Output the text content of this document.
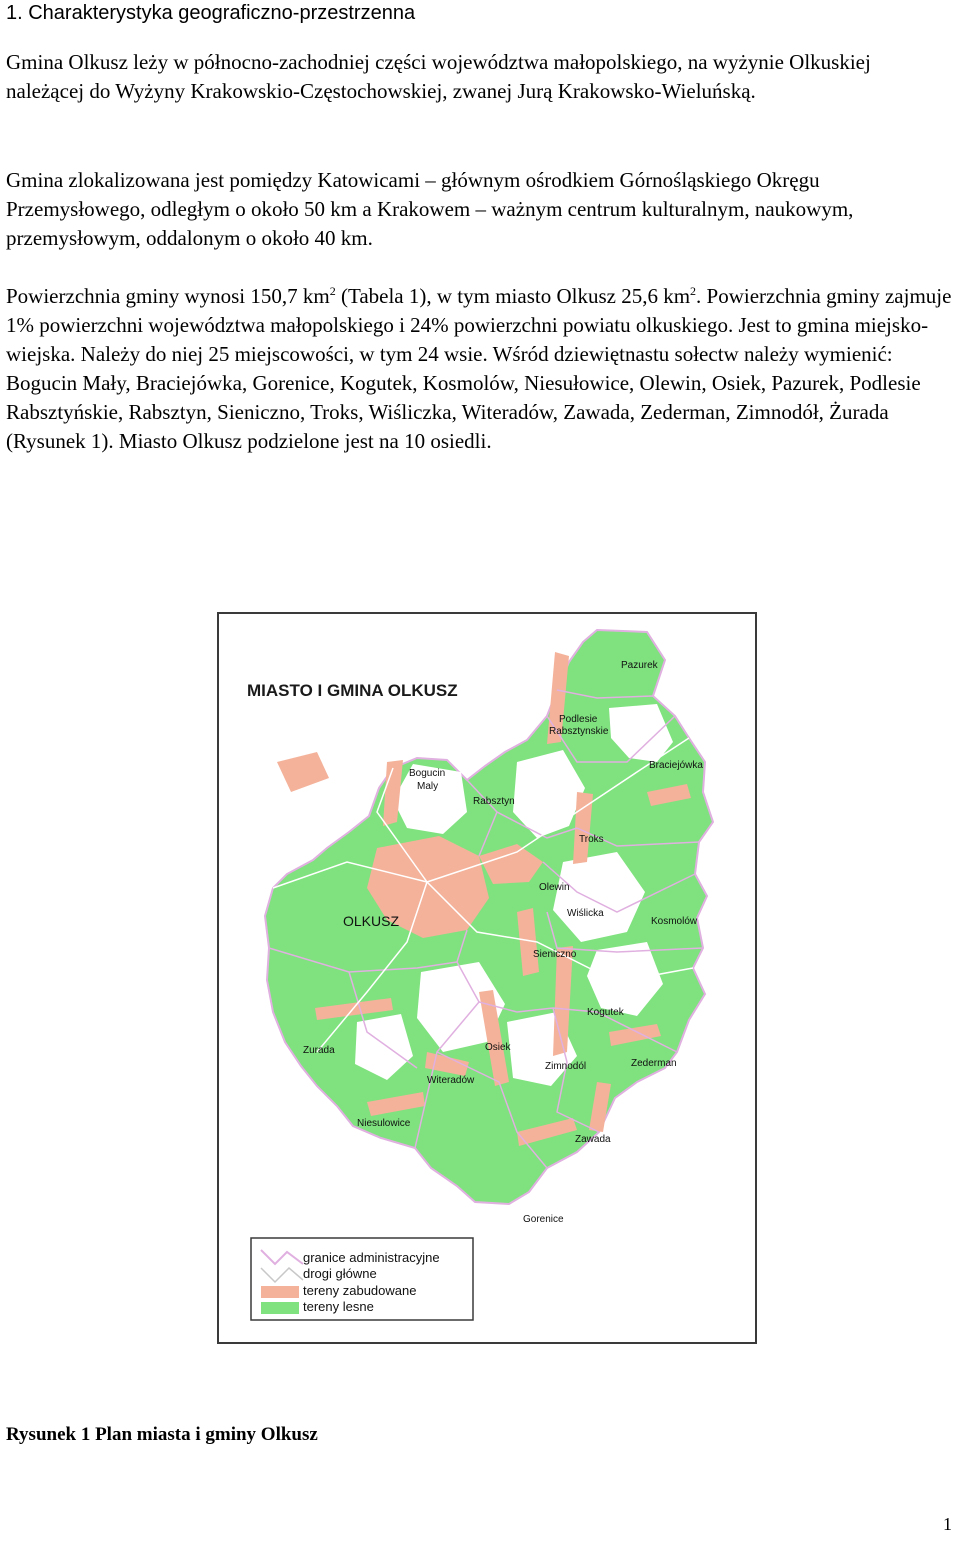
1. Charakterystyka geograficzno-przestrzenna

Gmina Olkusz leży w północno-zachodniej części województwa małopolskiego, na wyżynie Olkuskiej należącej do Wyżyny Krakowskio-Częstochowskiej, zwanej Jurą Krakowsko-Wieluńską.

Gmina zlokalizowana jest pomiędzy Katowicami – głównym ośrodkiem Górnośląskiego Okręgu Przemysłowego, odległym o około 50 km a Krakowem – ważnym centrum kulturalnym, naukowym, przemysłowym, oddalonym o około 40 km.

Powierzchnia gminy wynosi 150,7 $km^2$ (Tabela 1), w tym miasto Olkusz 25,6 $km^2$. Powierzchnia gminy zajmuje 1% powierzchni województwa małopolskiego i 24% powierzchni powiatu olkuskiego. Jest to gmina miejsko-wiejska. Należy do niej 25 miejscowości, w tym 24 wsie. Wśród dziewiętnastu sołectw należy wymienić: Bogucin Mały, Braciejówka, Gorenice, Kogutek, Kosmolów, Niesułowice, Olewin, Osiek, Pazurek, Podlesie Rabsztyńskie, Rabsztyn, Sieniczno, Troks, Wiśliczka, Witeradów, Zawada, Zederman, Zimnodół, Żurada (Rysunek 1). Miasto Olkusz podzielone jest na 10 osiedli.

MIASTO I GMINA OLKUSZ
Pazurek
Podlesie
Rabsztynskie
Bogucin
Maly
Rabsztyn
Braciejówka
Troks
Olewin
Wiślicka
Kosmolów
Sieniczno
Kogutek
OLKUSZ
Zurada	Osiek
Zimnodól	Zederman
Witeradów
Niesulowice
Zawada
Gorenice
granice administracyjne
drogi główne
tereny zabudowane
tereny lesne
Rysunek 1 Plan miasta i gminy Olkusz
1
